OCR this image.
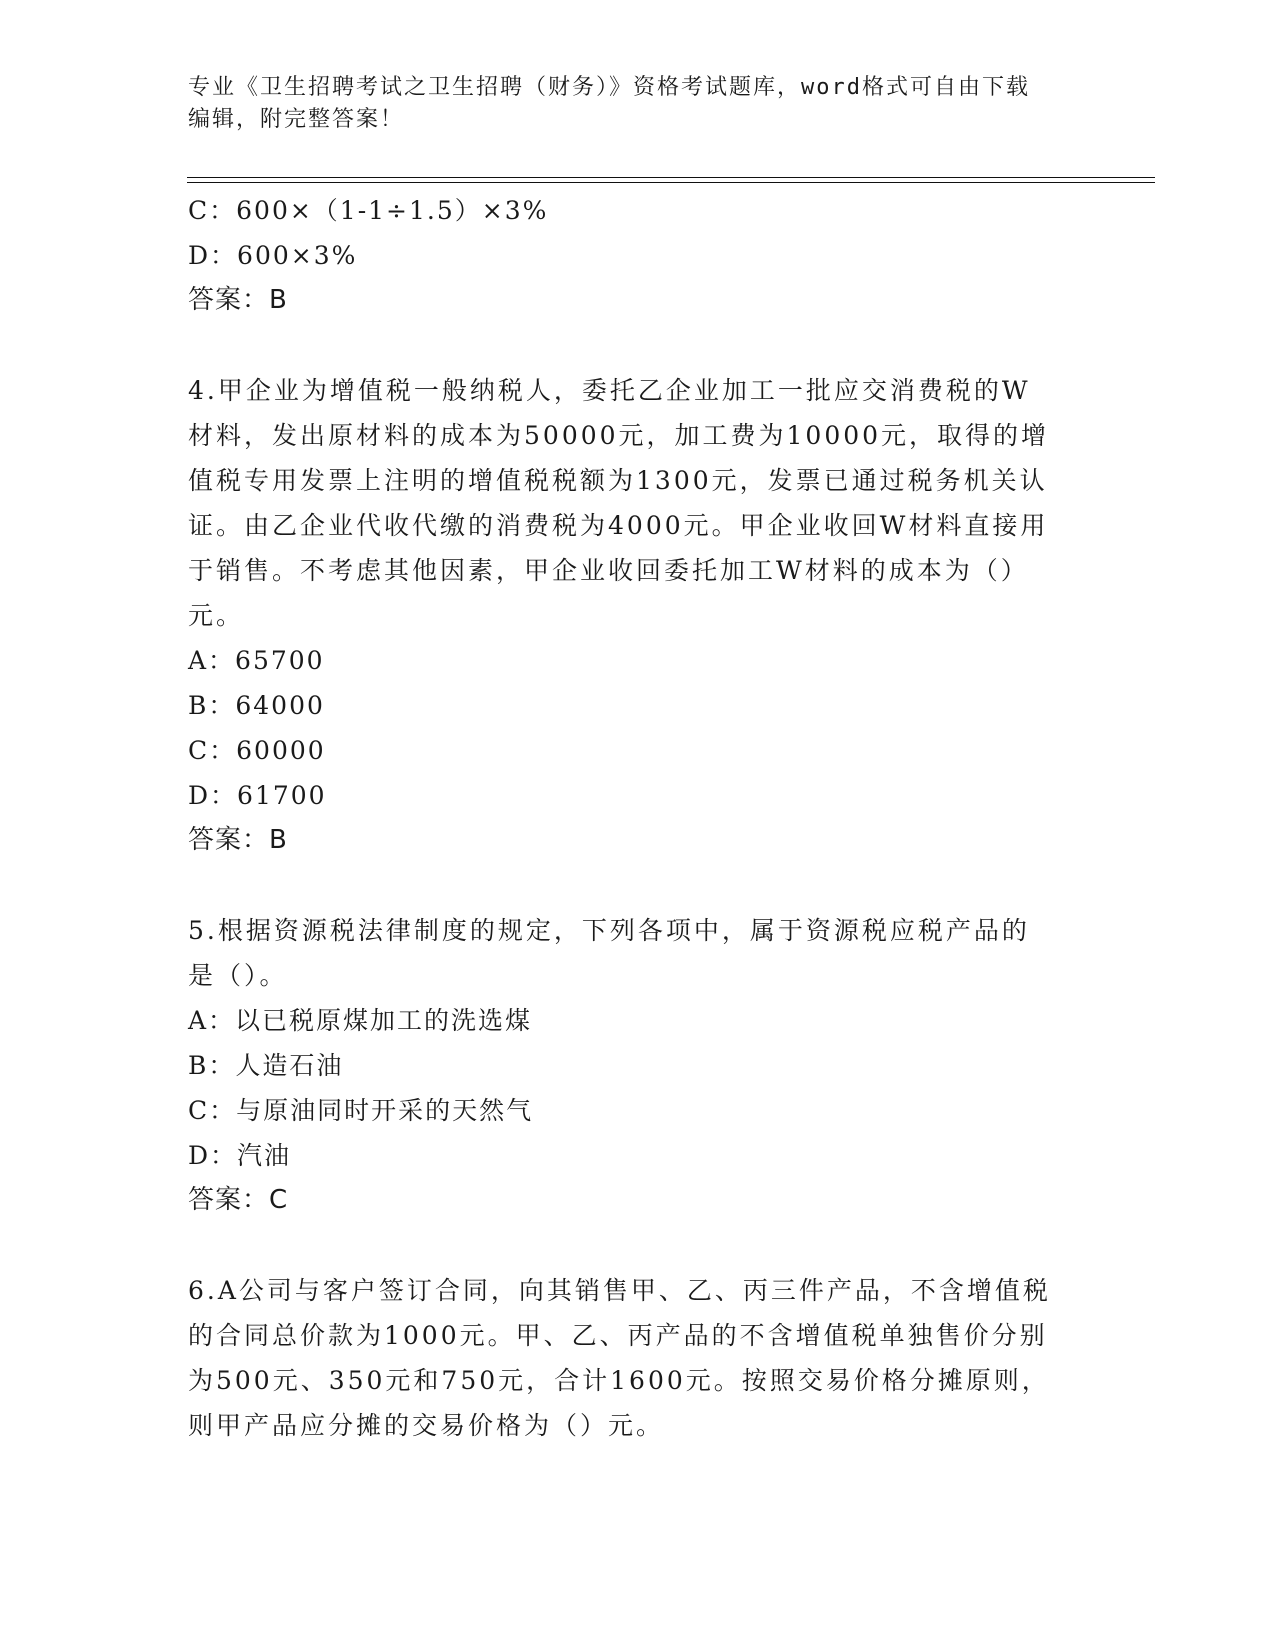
专业《卫生招聘考试之卫生招聘（财务）》资格考试题库，word格式可自由下载
编辑，附完整答案！
C：600×（1-1÷1.5）×3%
D：600×3%
答案：B
4.甲企业为增值税一般纳税人，委托乙企业加工一批应交消费税的W
材料，发出原材料的成本为50000元，加工费为10000元，取得的增
值税专用发票上注明的增值税税额为1300元，发票已通过税务机关认
证。由乙企业代收代缴的消费税为4000元。甲企业收回W材料直接用
于销售。不考虑其他因素，甲企业收回委托加工W材料的成本为（）
元。
A：65700
B：64000
C：60000
D：61700
答案：B
5.根据资源税法律制度的规定，下列各项中，属于资源税应税产品的
是（）。
A：以已税原煤加工的洗选煤
B：人造石油
C：与原油同时开采的天然气
D：汽油
答案：C
6.A公司与客户签订合同，向其销售甲、乙、丙三件产品，不含增值税
的合同总价款为1000元。甲、乙、丙产品的不含增值税单独售价分别
为500元、350元和750元，合计1600元。按照交易价格分摊原则，
则甲产品应分摊的交易价格为（）元。
